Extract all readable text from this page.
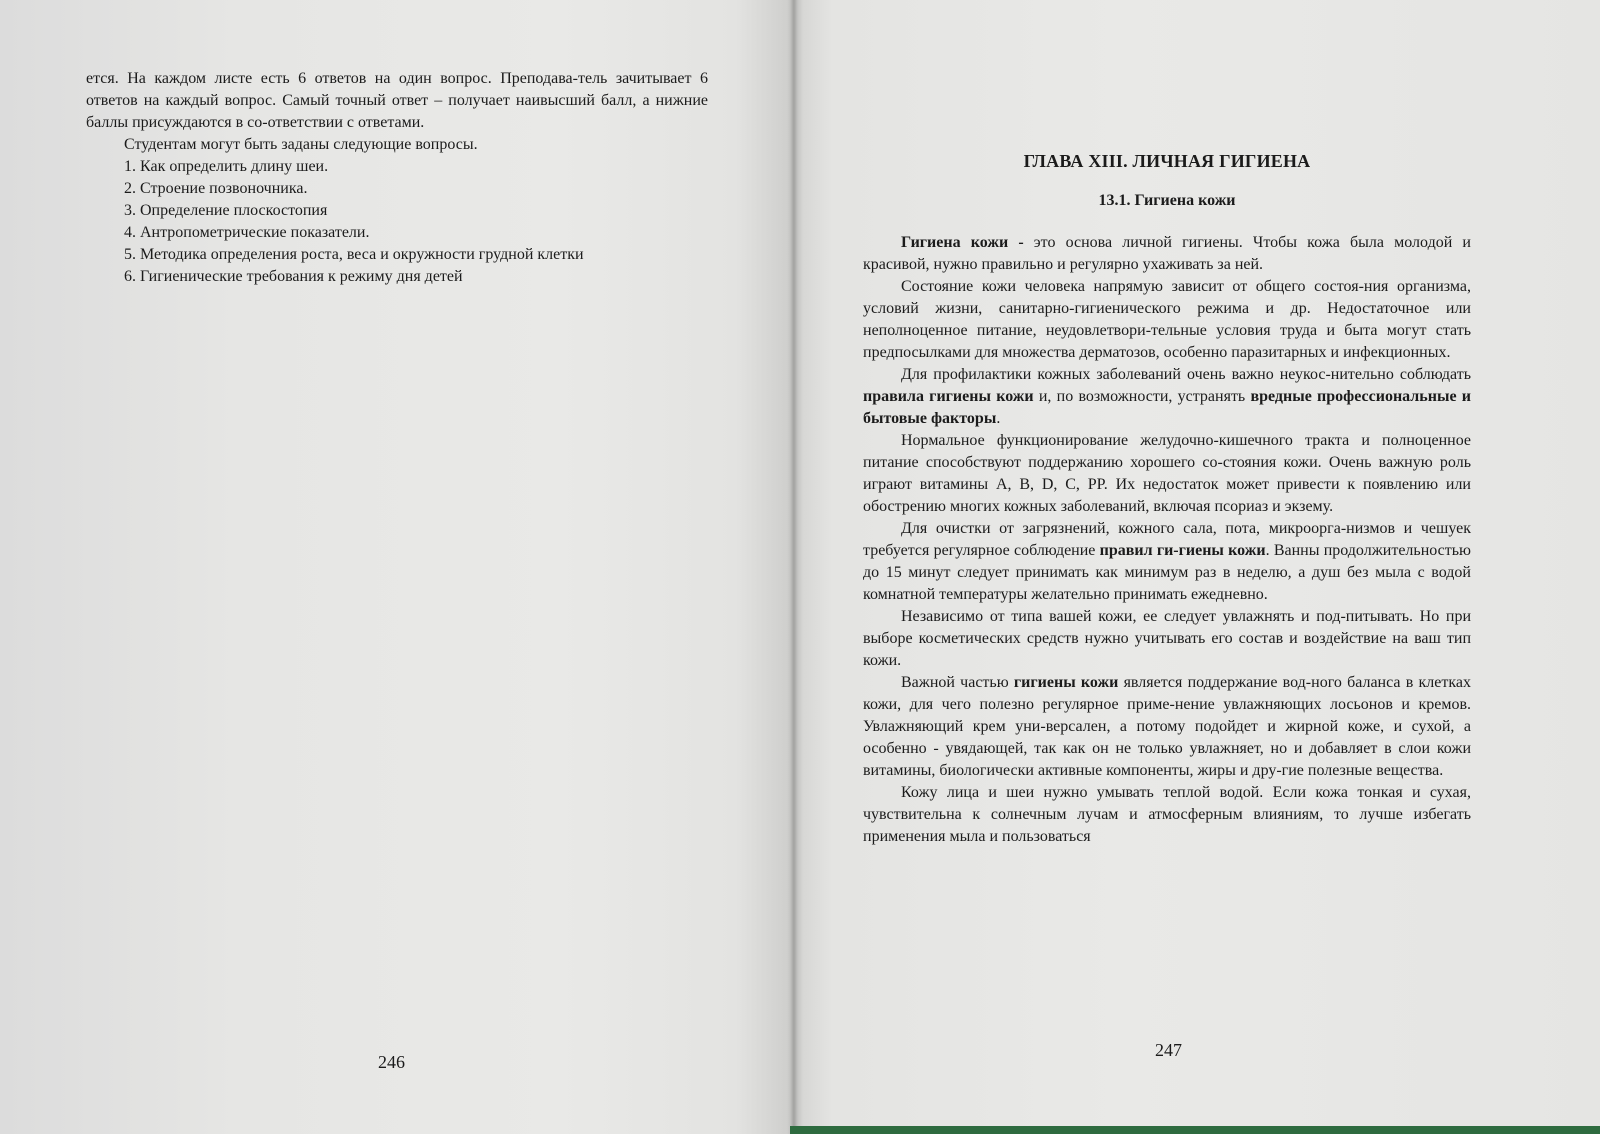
ется. На каждом листе есть 6 ответов на один вопрос. Преподава-тель зачитывает 6 ответов на каждый вопрос. Самый точный ответ – получает наивысший балл, а нижние баллы присуждаются в со-ответствии с ответами.

Студентам могут быть заданы следующие вопросы.

1. Как определить длину шеи.
2. Строение позвоночника.
3. Определение плоскостопия
4. Антропометрические показатели.
5. Методика определения роста, веса и окружности грудной клетки
6. Гигиенические требования к режиму дня детей
246
ГЛАВА XIII. ЛИЧНАЯ ГИГИЕНА
13.1. Гигиена кожи

Гигиена кожи - это основа личной гигиены. Чтобы кожа была молодой и красивой, нужно правильно и регулярно ухаживать за ней.

Состояние кожи человека напрямую зависит от общего состоя-ния организма, условий жизни, санитарно-гигиенического режима и др. Недостаточное или неполноценное питание, неудовлетвори-тельные условия труда и быта могут стать предпосылками для множества дерматозов, особенно паразитарных и инфекционных.

Для профилактики кожных заболеваний очень важно неукос-нительно соблюдать правила гигиены кожи и, по возможности, устранять вредные профессиональные и бытовые факторы.

Нормальное функционирование желудочно-кишечного тракта и полноценное питание способствуют поддержанию хорошего со-стояния кожи. Очень важную роль играют витамины А, B, D, C, PP. Их недостаток может привести к появлению или обострению многих кожных заболеваний, включая псориаз и экзему.

Для очистки от загрязнений, кожного сала, пота, микроорга-низмов и чешуек требуется регулярное соблюдение правил ги-гиены кожи. Ванны продолжительностью до 15 минут следует принимать как минимум раз в неделю, а душ без мыла с водой комнатной температуры желательно принимать ежедневно.

Независимо от типа вашей кожи, ее следует увлажнять и под-питывать. Но при выборе косметических средств нужно учитывать его состав и воздействие на ваш тип кожи.

Важной частью гигиены кожи является поддержание вод-ного баланса в клетках кожи, для чего полезно регулярное приме-нение увлажняющих лосьонов и кремов. Увлажняющий крем уни-версален, а потому подойдет и жирной коже, и сухой, а особенно - увядающей, так как он не только увлажняет, но и добавляет в слои кожи витамины, биологически активные компоненты, жиры и дру-гие полезные вещества.

Кожу лица и шеи нужно умывать теплой водой. Если кожа тонкая и сухая, чувствительна к солнечным лучам и атмосферным влияниям, то лучше избегать применения мыла и пользоваться

247
